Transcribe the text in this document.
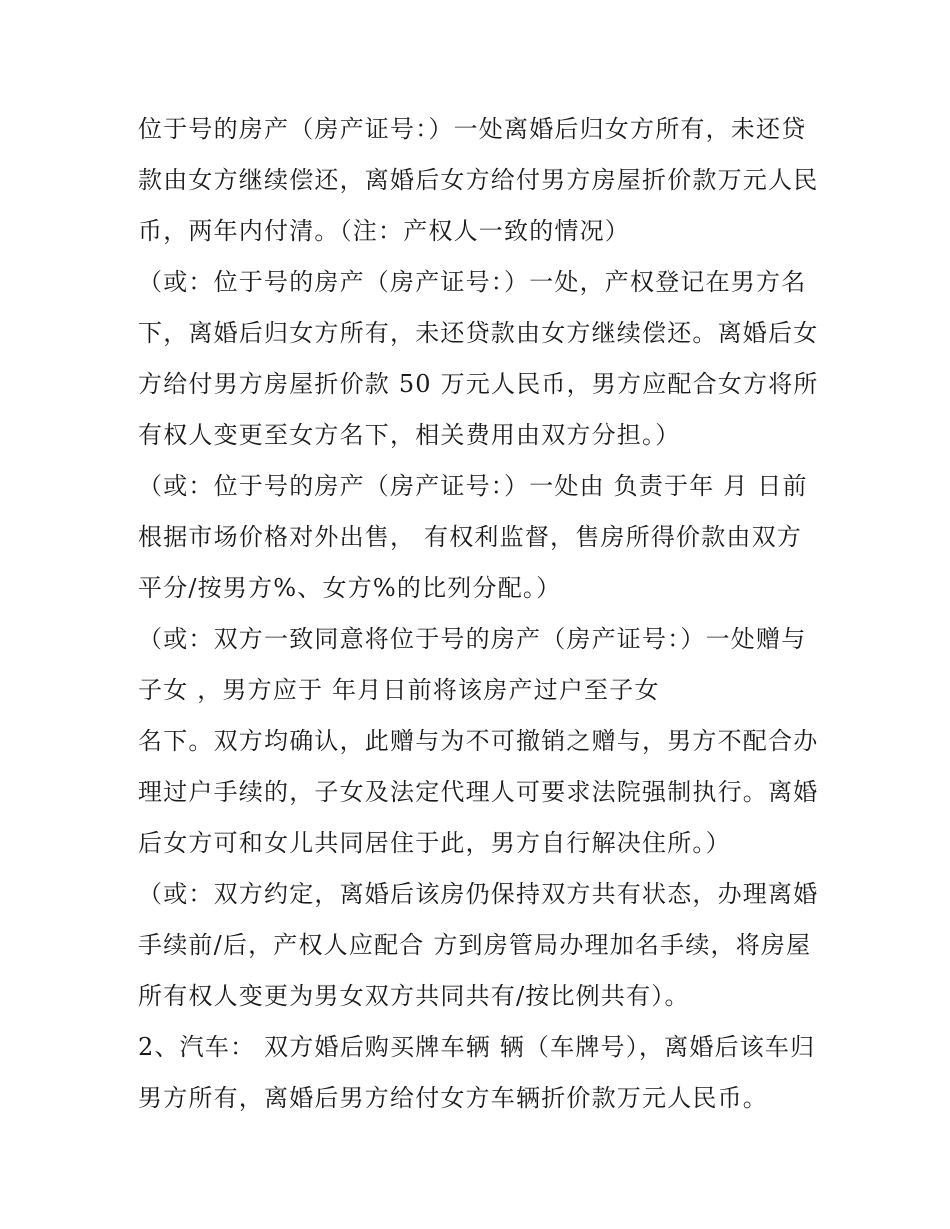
位于号的房产（房产证号：）一处离婚后归女方所有，未还贷
款由女方继续偿还，离婚后女方给付男方房屋折价款万元人民
币，两年内付清。（注：产权人一致的情况）
（或：位于号的房产（房产证号：）一处，产权登记在男方名
下，离婚后归女方所有，未还贷款由女方继续偿还。离婚后女
方给付男方房屋折价款 50 万元人民币，男方应配合女方将所
有权人变更至女方名下，相关费用由双方分担。）
（或：位于号的房产（房产证号：）一处由 负责于年 月 日前
根据市场价格对外出售， 有权利监督，售房所得价款由双方
平分/按男方%、女方%的比列分配。）
（或：双方一致同意将位于号的房产（房产证号：）一处赠与
子女 ，男方应于 年月日前将该房产过户至子女
名下。双方均确认，此赠与为不可撤销之赠与，男方不配合办
理过户手续的，子女及法定代理人可要求法院强制执行。离婚
后女方可和女儿共同居住于此，男方自行解决住所。）
（或：双方约定，离婚后该房仍保持双方共有状态，办理离婚
手续前/后，产权人应配合 方到房管局办理加名手续，将房屋
所有权人变更为男女双方共同共有/按比例共有）。
2、汽车： 双方婚后购买牌车辆 辆（车牌号），离婚后该车归
男方所有，离婚后男方给付女方车辆折价款万元人民币。
